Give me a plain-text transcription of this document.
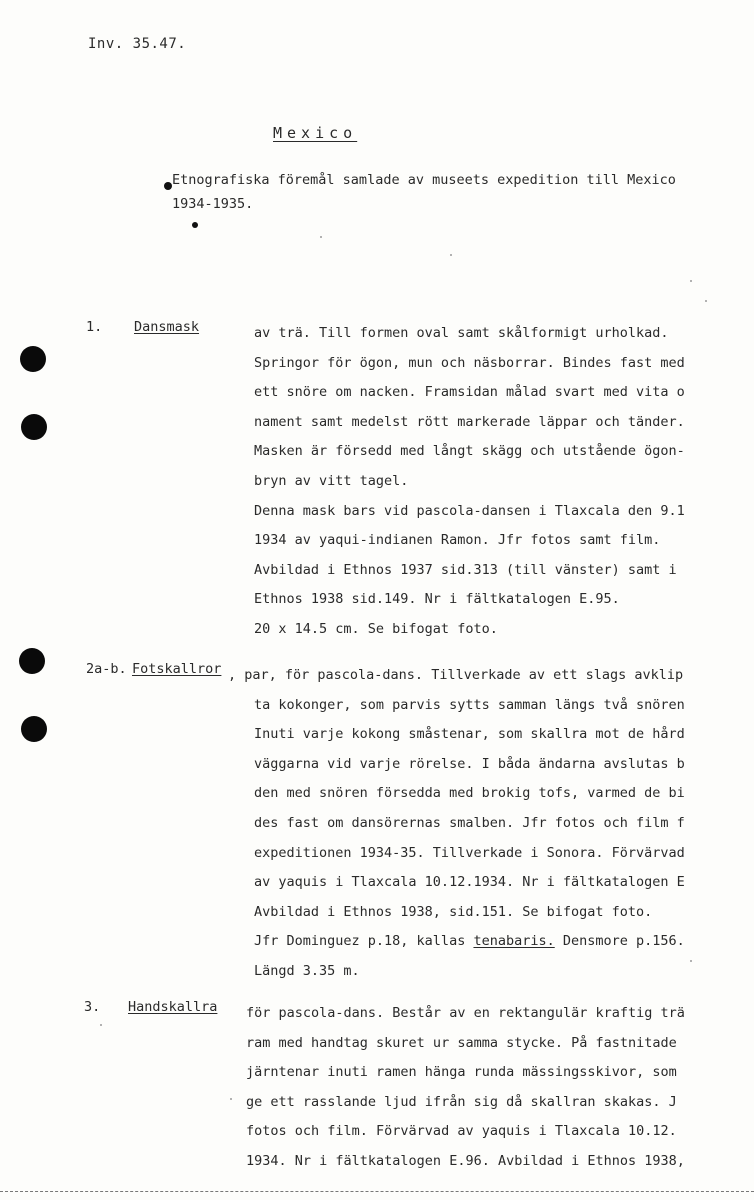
Inv. 35.47.
Mexico

Etnografiska föremål samlade av museets expedition till Mexico

1934-1935.

1. Dansmask	av trä. Till formen oval samt skålformigt urholkad.
Springor för ögon, mun och näsborrar. Bindes fast med
ett snöre om nacken. Framsidan målad svart med vita o
nament samt medelst rött markerade läppar och tänder.
Masken är försedd med långt skägg och utstående ögon-
bryn av vitt tagel.
Denna mask bars vid pascola-dansen i Tlaxcala den 9.1
1934 av yaqui-indianen Ramon. Jfr fotos samt film.
Avbildad i Ethnos 1937 sid.313 (till vänster) samt i
Ethnos 1938 sid.149. Nr i fältkatalogen E.95.
20 x 14.5 cm. Se bifogat foto.
2a-b. Fotskallror , par, för pascola-dans. Tillverkade av ett slags avklip
ta kokonger, som parvis sytts samman längs två snören
Inuti varje kokong småstenar, som skallra mot de hård
väggarna vid varje rörelse. I båda ändarna avslutas b
den med snören försedda med brokig tofs, varmed de bi
des fast om dansörernas smalben. Jfr fotos och film f
expeditionen 1934-35. Tillverkade i Sonora. Förvärvad
av yaquis i Tlaxcala 10.12.1934. Nr i fältkatalogen E
Avbildad i Ethnos 1938, sid.151. Se bifogat foto.
Jfr Dominguez p.18, kallas tenabaris. Densmore p.156.
Längd 3.35 m.
3. Handskallra för pascola-dans. Består av en rektangulär kraftig trä
ram med handtag skuret ur samma stycke. På fastnitade
järntenar inuti ramen hänga runda mässingsskivor, som
ge ett rasslande ljud ifrån sig då skallran skakas. J
fotos och film. Förvärvad av yaquis i Tlaxcala 10.12.
1934. Nr i fältkatalogen E.96. Avbildad i Ethnos 1938,
